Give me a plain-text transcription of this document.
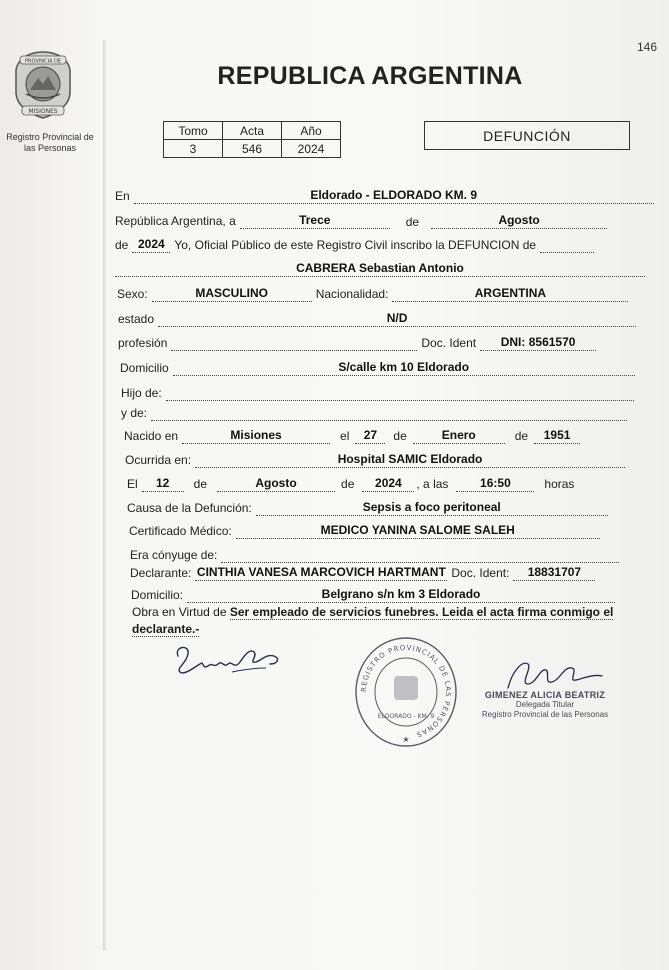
146
PROVINCIA DE
MISIONES
Registro Provincial de las Personas
REPUBLICA ARGENTINA
Tomo	Acta	Año
3	546	2024
DEFUNCIÓN
En	Eldorado - ELDORADO KM. 9
República Argentina, a	Trece	de	Agosto
de 2024 Yo, Oficial Público de este Registro Civil inscribo la DEFUNCION de
CABRERA Sebastian Antonio
Sexo:	MASCULINO	Nacionalidad:	ARGENTINA
estado	N/D
profesión	Doc. Ident	DNI: 8561570
Domicilio	S/calle km 10 Eldorado
Hijo de:
y de:
Nacido en	Misiones	el	27	de	Enero	de	1951
Ocurrida en:	Hospital SAMIC Eldorado
El	12	de	Agosto	de	2024	, a las	16:50	horas
Causa de la Defunción:	Sepsis a foco peritoneal
Certificado Médico:	MEDICO YANINA SALOME SALEH
Era cónyuge de:
Declarante: CINTHIA VANESA MARCOVICH HARTMANT Doc. Ident:	18831707
Domicilio:	Belgrano s/n km 3 Eldorado
Obra en Virtud de Ser empleado de servicios funebres. Leida el acta firma conmigo el declarante.-
REGISTRO PROVINCIAL DE LAS PERSONAS
ELDORADO - KM. 9
★
GIMENEZ ALICIA BEATRIZ
Delegada Titular
Registro Provincial de las Personas
